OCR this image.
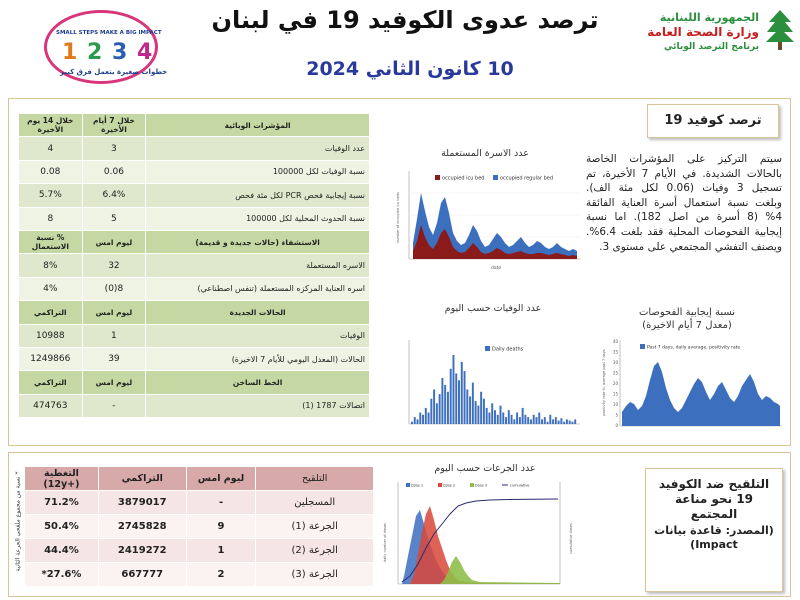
SMALL STEPS MAKE A BIG IMPACT
1 2 3 4
خطوات صغيرة بتعمل فرق كبير
ترصد عدوى الكوفيد 19 في لبنان
10 كانون الثاني 2024
الجمهورية اللبنانية
وزارة الصحة العامة
برنامج الترصد الوبائي
المؤشرات الوبائية	خلال 7 أيام الأخيرة	خلال 14 يوم الأخيرة
عدد الوفيات	3	4
نسبة الوفيات لكل 100000	0.06	0.08
نسبة إيجابية فحص PCR لكل مئة فحص	6.4%	5.7%
نسبة الحدوث المحلية لكل 100000	5	8
الاستشفاء (حالات جديدة و قديمة)	ليوم امس	% نسبة الاستعمال
الاسره المستعملة	32	8%
اسره العناية المركزه المستعملة (تنفس اصطناعي)	8(0)	4%
الحالات الجديدة	ليوم امس	التراكمي
الوفيات	1	10988
الحالات (المعدل اليومي للأيام 7 الاخيرة)	39	1249866
الخط الساخن	ليوم امس	التراكمي
اتصالات 1787 (1)	-	474763
ترصد كوفيد 19
سيتم التركيز على المؤشرات الخاصة بالحالات الشديدة. في الأيام 7 الأخيرة، تم تسجيل 3 وفيات (0.06 لكل مئة الف). وبلغت نسبة استعمال أسرة العناية الفائقة 4% (8 أسرة من اصل 182). اما نسبة إيجابية الفحوصات المحلية فقد بلغت 6.4%. ويصنف التفشي المجتمعي على مستوى 3.
عدد الاسرة المستعملة
عدد الوفيات حسب اليوم	نسبة إيجابية الفحوصات
(معدل 7 أيام الاخيرة)
occupied icu bed	occupied regular bed
number of occupied icu beds
date
Daily deaths
0
5
10
15
20
25
30
35
40
Past 7 days, daily average, positivity rate
positivity rate %, average past 7 days
* نسبة من مجموع ملقحي الجرعة الثانية	التلقيح	ليوم امس	التراكمي	التغطية (+12y)
المسجلين	-	3879017	71.2%
الجرعة (1)	9	2745828	50.4%
الجرعة (2)	1	2419272	44.4%
الجرعة (3)	2	667777	27.6%*
عدد الجرعات حسب اليوم
Dose 1	Dose 2	Dose 3	cumulative
daily number of doses	cumulative doses
التلقيح ضد الكوفيد
19 نحو مناعة
المجتمع
(المصدر: قاعدة بيانات Impact)
